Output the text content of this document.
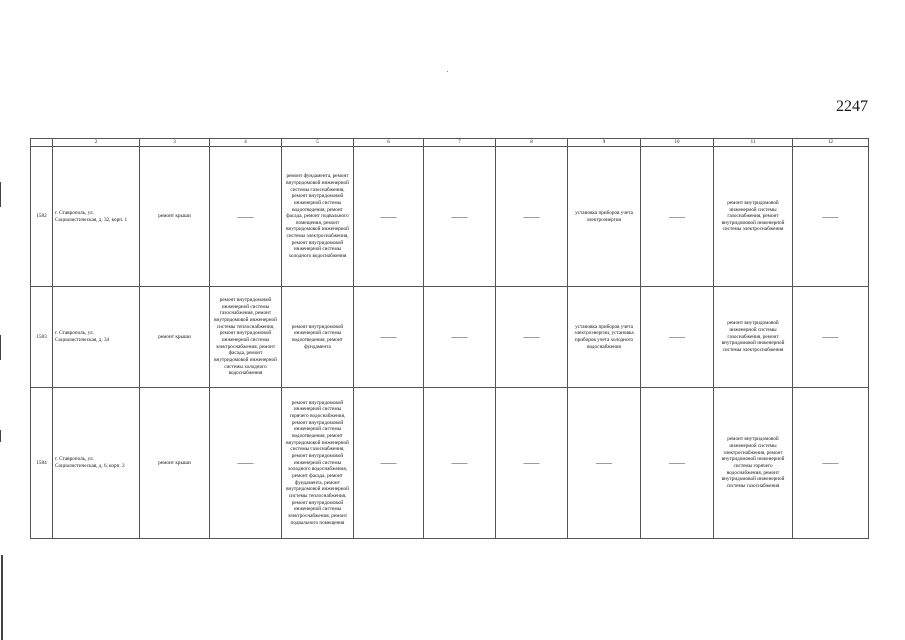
2247
	2	3	4	5	6	7	8	9	10	11	12
1582	г. Ставрополь, ул. Социалистическая, д. 32, корп. 1	ремонт крыши	——	ремонт фундамента, ремонт внутридомовой инженерной системы газоснабжения, ремонт внутридомовой инженерной системы водоотведения, ремонт фасада, ремонт подвального помещения, ремонт внутридомовой инженерной системы электроснабжения, ремонт внутридомовой инженерной системы холодного водоснабжения	——	——	——	установка приборов учета электроэнергии	——	ремонт внутридомовой инженерной системы газоснабжения, ремонт внутридомовой инженерной системы электроснабжения	——

1583	г. Ставрополь, ул. Социалистическая, д. 34	ремонт крыши	ремонт внутридомовой инженерной системы газоснабжения, ремонт внутридомовой инженерной системы теплоснабжения, ремонт внутридомовой инженерной системы электроснабжения, ремонт фасада, ремонт внутридомовой инженерной системы холодного водоснабжения	ремонт внутридомовой инженерной системы водоотведения, ремонт фундамента	——	——	——	установка приборов учета электроэнергии, установка приборов учета холодного водоснабжения	——	ремонт внутридомовой инженерной системы газоснабжения, ремонт внутридомовой инженерной системы электроснабжения	——

1584	г. Ставрополь, ул. Социалистическая, д. 6, корп. 2	ремонт крыши	——	ремонт внутридомовой инженерной системы горячего водоснабжения, ремонт внутридомовой инженерной системы водоотведения, ремонт внутридомовой инженерной системы газоснабжения, ремонт внутридомовой инженерной системы холодного водоснабжения, ремонт фасада, ремонт фундамента, ремонт внутридомовой инженерной системы теплоснабжения, ремонт внутридомовой инженерной системы электроснабжения, ремонт подвального помещения	——	——	——	——	——	ремонт внутридомовой инженерной системы электроснабжения, ремонт внутридомовой инженерной системы горячего водоснабжения, ремонт внутридомовой инженерной системы газоснабжения	——
